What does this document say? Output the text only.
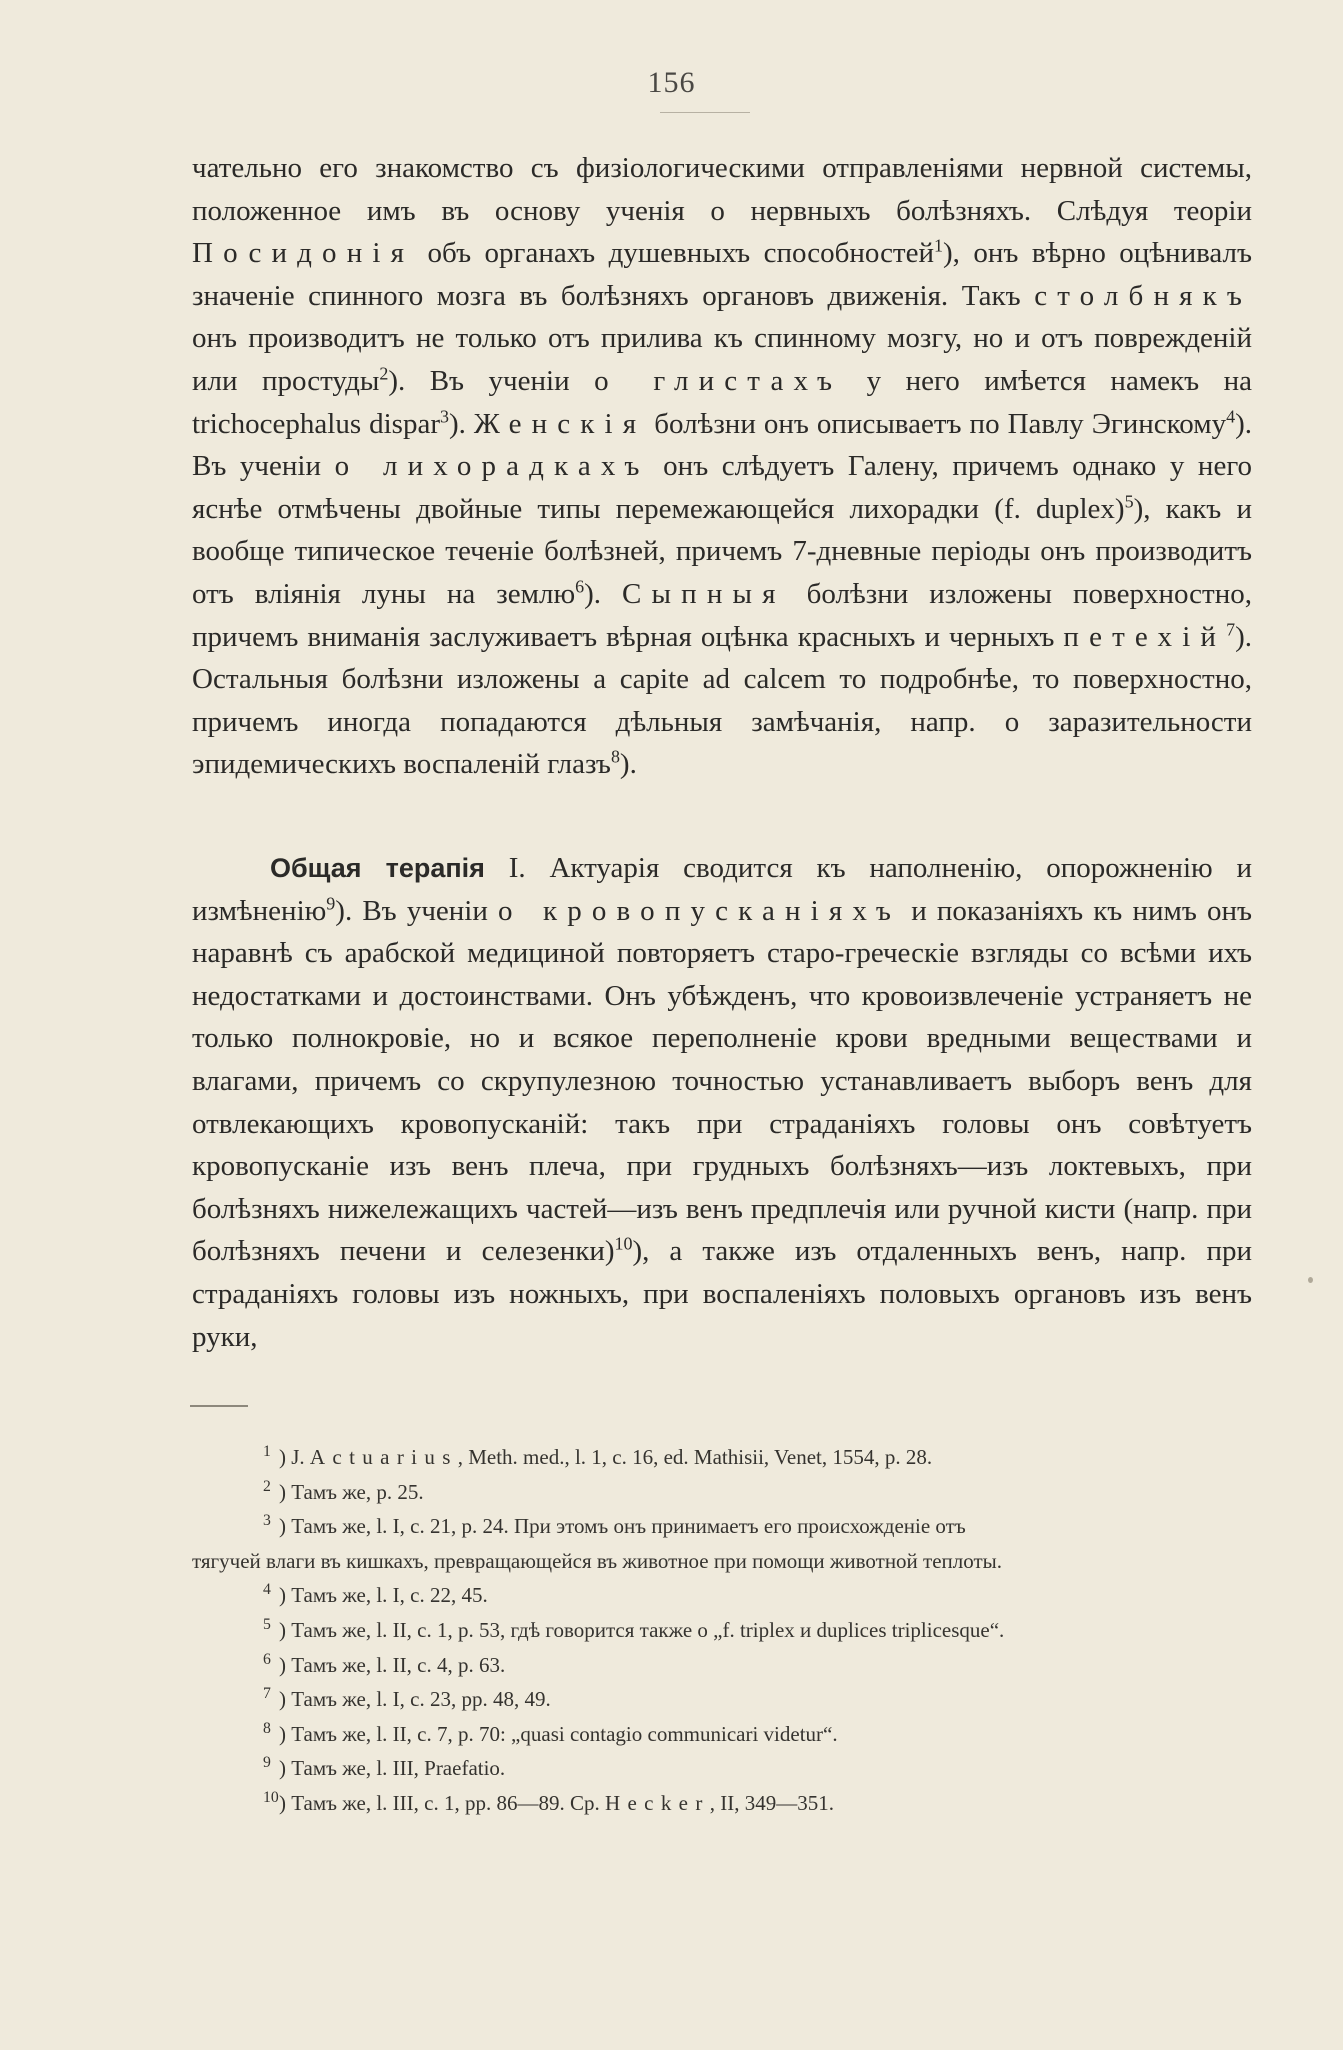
156

чательно его знакомство съ физіологическими отправленіями нервной системы, положенное имъ въ основу ученія о нервныхъ болѣзняхъ. Слѣдуя теоріи Посидонія объ органахъ душевныхъ способностей$^1$), онъ вѣрно оцѣнивалъ значеніе спинного мозга въ болѣзняхъ органовъ движенія. Такъ столбнякъ онъ производитъ не только отъ прилива къ спинному мозгу, но и отъ поврежденій или простуды$^2$). Въ ученіи о глистахъ у него имѣется намекъ на trichocephalus dispar$^3$). Женскія болѣзни онъ описываетъ по Павлу Эгинскому$^4$). Въ ученіи о лихорадкахъ онъ слѣдуетъ Галену, причемъ однако у него яснѣе отмѣчены двойные типы перемежающейся лихорадки (f. duplex)$^5$), какъ и вообще типическое теченіе болѣзней, причемъ 7-дневные періоды онъ производитъ отъ вліянія луны на землю$^6$). Сыпныя болѣзни изложены поверхностно, причемъ вниманія заслуживаетъ вѣрная оцѣнка красныхъ и черныхъ петехій$^7$). Остальныя болѣзни изложены a capite ad calcem то подробнѣе, то поверхностно, причемъ иногда попадаются дѣльныя замѣчанія, напр. о заразительности эпидемическихъ воспаленій глазъ$^8$).

Общая терапія I. Актуарія сводится къ наполненію, опорожненію и измѣненію$^9$). Въ ученіи о кровопусканіяхъ и показаніяхъ къ нимъ онъ наравнѣ съ арабской медициной повторяетъ старо-греческіе взгляды со всѣми ихъ недостатками и достоинствами. Онъ убѣжденъ, что кровоизвлеченіе устраняетъ не только полнокровіе, но и всякое переполненіе крови вредными веществами и влагами, причемъ со скрупулезною точностью устанавливаетъ выборъ венъ для отвлекающихъ кровопусканій: такъ при страданіяхъ головы онъ совѣтуетъ кровопусканіе изъ венъ плеча, при грудныхъ болѣзняхъ—изъ локтевыхъ, при болѣзняхъ нижележащихъ частей—изъ венъ предплечія или ручной кисти (напр. при болѣзняхъ печени и селезенки)$^{10}$), а также изъ отдаленныхъ венъ, напр. при страданіяхъ головы изъ ножныхъ, при воспаленіяхъ половыхъ органовъ изъ венъ руки,

1 ) J. Actuarius, Meth. med., l. 1, c. 16, ed. Mathisii, Venet, 1554, p. 28.

2 ) Тамъ же, р. 25.

3 ) Тамъ же, l. I, c. 21, p. 24. При этомъ онъ принимаетъ его происхожденіе отъ

тягучей влаги въ кишкахъ, превращающейся въ животное при помощи животной теплоты.

4 ) Тамъ же, l. I, c. 22, 45.

5 ) Тамъ же, l. II, c. 1, p. 53, гдѣ говорится также о „f. triplex и duplices triplicesque“.

6 ) Тамъ же, l. II, c. 4, p. 63.

7 ) Тамъ же, l. I, c. 23, pp. 48, 49.

8 ) Тамъ же, l. II, c. 7, p. 70: „quasi contagio communicari videtur“.

9 ) Тамъ же, l. III, Praefatio.

10) Тамъ же, l. III, c. 1, pp. 86—89. Ср. Hecker, II, 349—351.
